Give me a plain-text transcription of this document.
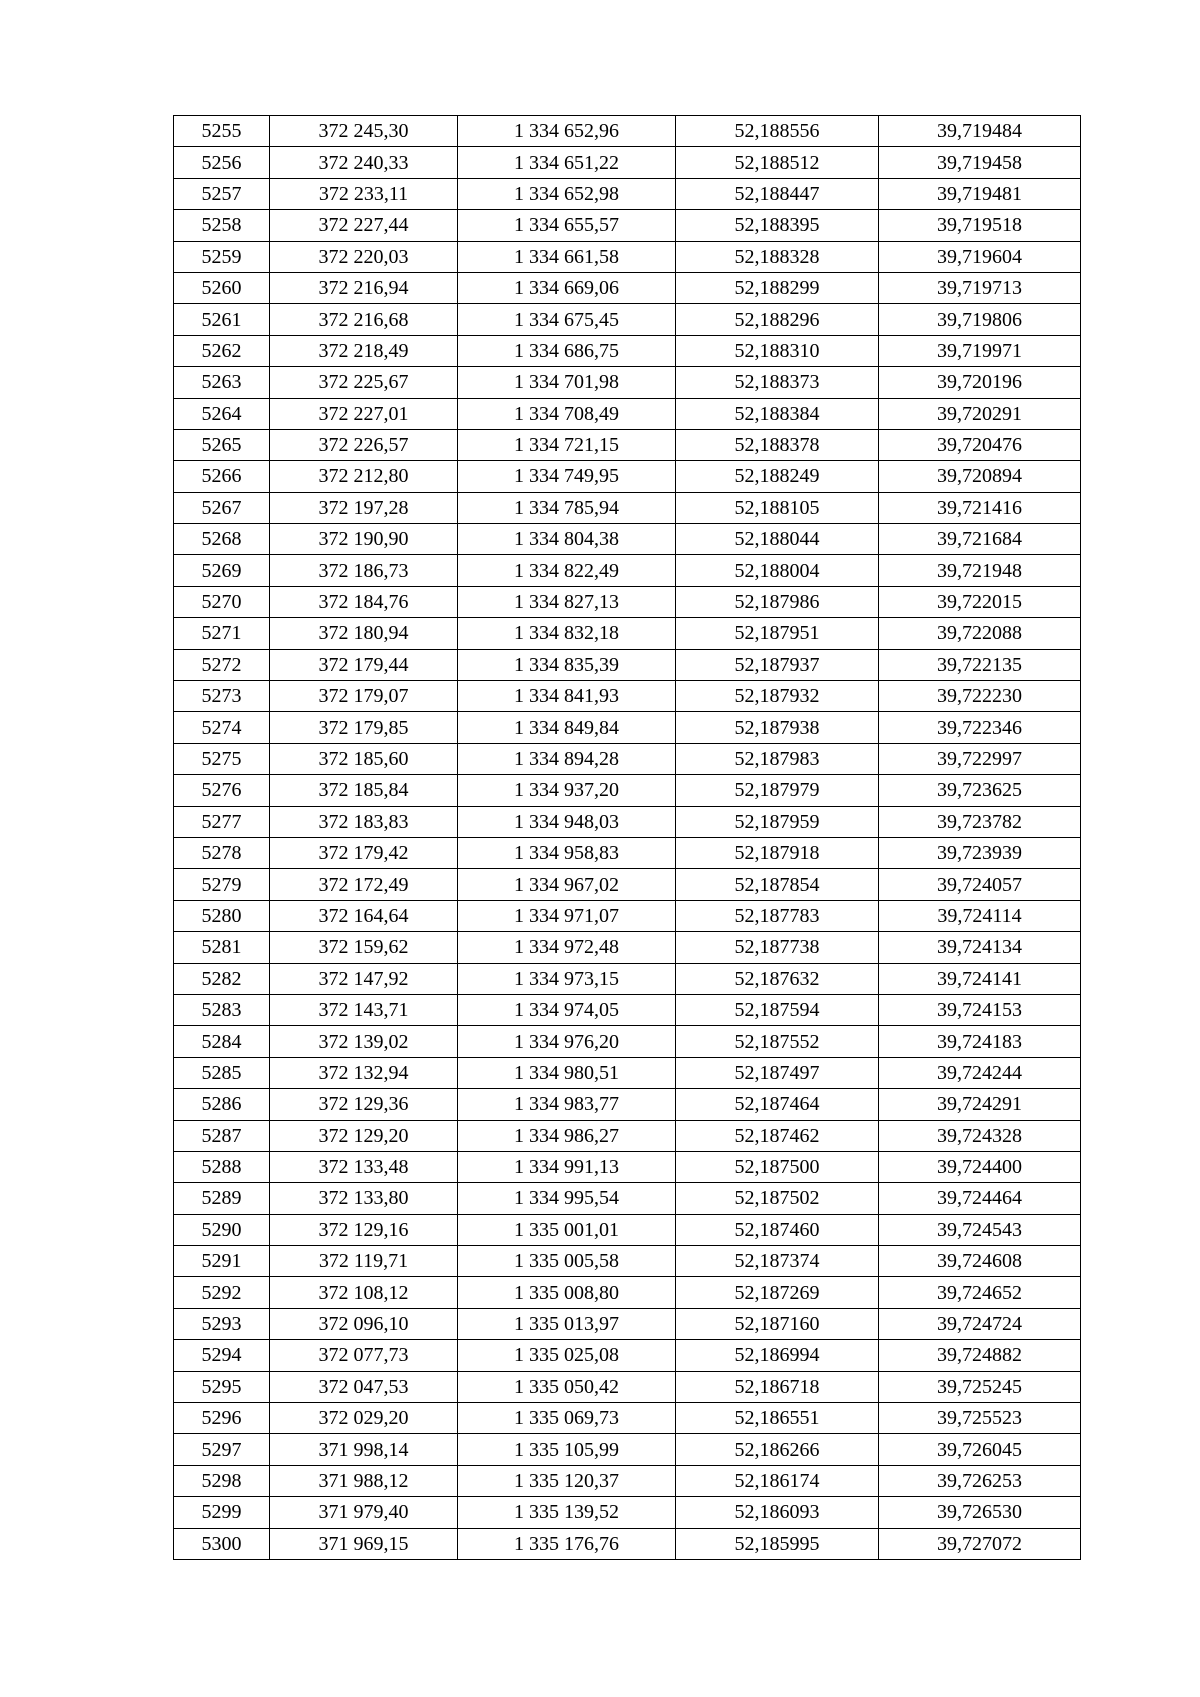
5255	372 245,30	1 334 652,96	52,188556	39,719484
5256	372 240,33	1 334 651,22	52,188512	39,719458
5257	372 233,11	1 334 652,98	52,188447	39,719481
5258	372 227,44	1 334 655,57	52,188395	39,719518
5259	372 220,03	1 334 661,58	52,188328	39,719604
5260	372 216,94	1 334 669,06	52,188299	39,719713
5261	372 216,68	1 334 675,45	52,188296	39,719806
5262	372 218,49	1 334 686,75	52,188310	39,719971
5263	372 225,67	1 334 701,98	52,188373	39,720196
5264	372 227,01	1 334 708,49	52,188384	39,720291
5265	372 226,57	1 334 721,15	52,188378	39,720476
5266	372 212,80	1 334 749,95	52,188249	39,720894
5267	372 197,28	1 334 785,94	52,188105	39,721416
5268	372 190,90	1 334 804,38	52,188044	39,721684
5269	372 186,73	1 334 822,49	52,188004	39,721948
5270	372 184,76	1 334 827,13	52,187986	39,722015
5271	372 180,94	1 334 832,18	52,187951	39,722088
5272	372 179,44	1 334 835,39	52,187937	39,722135
5273	372 179,07	1 334 841,93	52,187932	39,722230
5274	372 179,85	1 334 849,84	52,187938	39,722346
5275	372 185,60	1 334 894,28	52,187983	39,722997
5276	372 185,84	1 334 937,20	52,187979	39,723625
5277	372 183,83	1 334 948,03	52,187959	39,723782
5278	372 179,42	1 334 958,83	52,187918	39,723939
5279	372 172,49	1 334 967,02	52,187854	39,724057
5280	372 164,64	1 334 971,07	52,187783	39,724114
5281	372 159,62	1 334 972,48	52,187738	39,724134
5282	372 147,92	1 334 973,15	52,187632	39,724141
5283	372 143,71	1 334 974,05	52,187594	39,724153
5284	372 139,02	1 334 976,20	52,187552	39,724183
5285	372 132,94	1 334 980,51	52,187497	39,724244
5286	372 129,36	1 334 983,77	52,187464	39,724291
5287	372 129,20	1 334 986,27	52,187462	39,724328
5288	372 133,48	1 334 991,13	52,187500	39,724400
5289	372 133,80	1 334 995,54	52,187502	39,724464
5290	372 129,16	1 335 001,01	52,187460	39,724543
5291	372 119,71	1 335 005,58	52,187374	39,724608
5292	372 108,12	1 335 008,80	52,187269	39,724652
5293	372 096,10	1 335 013,97	52,187160	39,724724
5294	372 077,73	1 335 025,08	52,186994	39,724882
5295	372 047,53	1 335 050,42	52,186718	39,725245
5296	372 029,20	1 335 069,73	52,186551	39,725523
5297	371 998,14	1 335 105,99	52,186266	39,726045
5298	371 988,12	1 335 120,37	52,186174	39,726253
5299	371 979,40	1 335 139,52	52,186093	39,726530
5300	371 969,15	1 335 176,76	52,185995	39,727072
